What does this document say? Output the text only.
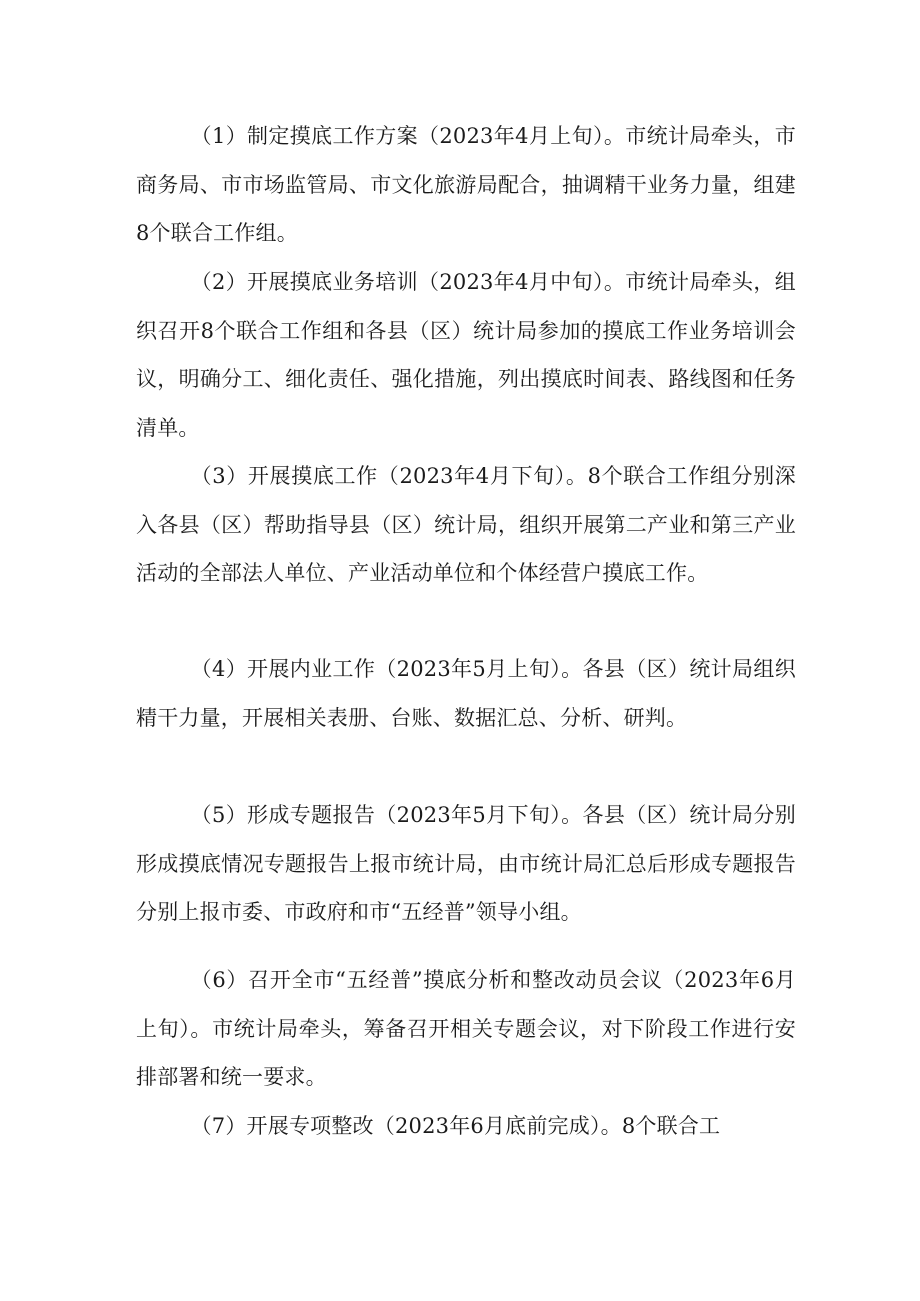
（1）制定摸底工作方案（2023年4月上旬）。市统计局牵头，市商务局、市市场监管局、市文化旅游局配合，抽调精干业务力量，组建8个联合工作组。

（2）开展摸底业务培训（2023年4月中旬）。市统计局牵头，组织召开8个联合工作组和各县（区）统计局参加的摸底工作业务培训会议，明确分工、细化责任、强化措施，列出摸底时间表、路线图和任务清单。

（3）开展摸底工作（2023年4月下旬）。8个联合工作组分别深入各县（区）帮助指导县（区）统计局，组织开展第二产业和第三产业活动的全部法人单位、产业活动单位和个体经营户摸底工作。

（4）开展内业工作（2023年5月上旬）。各县（区）统计局组织精干力量，开展相关表册、台账、数据汇总、分析、研判。

（5）形成专题报告（2023年5月下旬）。各县（区）统计局分别形成摸底情况专题报告上报市统计局，由市统计局汇总后形成专题报告分别上报市委、市政府和市“五经普”领导小组。

（6）召开全市“五经普”摸底分析和整改动员会议（2023年6月上旬）。市统计局牵头，筹备召开相关专题会议，对下阶段工作进行安排部署和统一要求。

（7）开展专项整改（2023年6月底前完成）。8个联合工
